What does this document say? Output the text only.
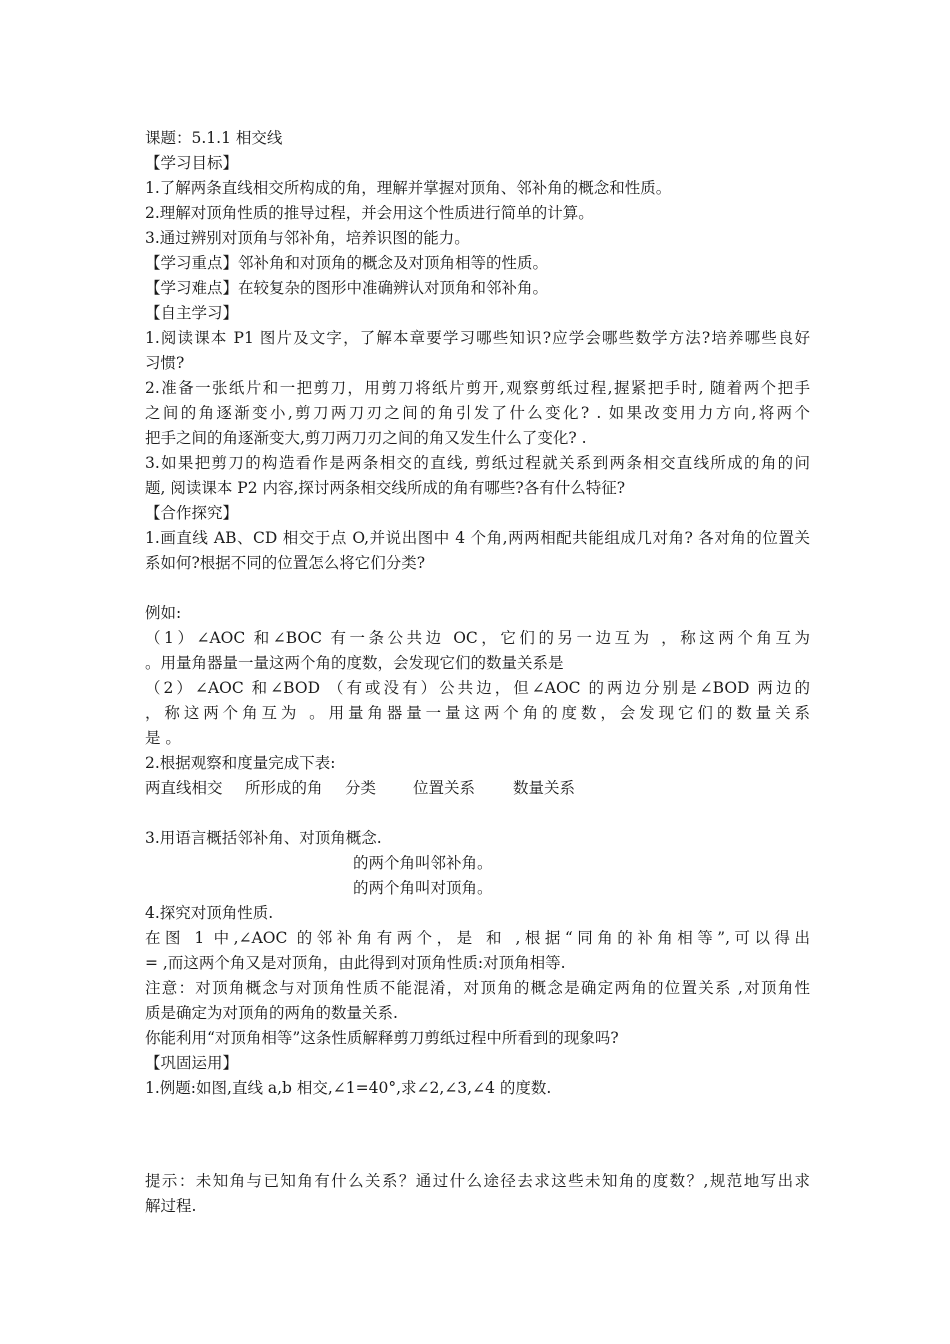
课题：5.1.1 相交线
【学习目标】
1.了解两条直线相交所构成的角，理解并掌握对顶角、邻补角的概念和性质。
2.理解对顶角性质的推导过程，并会用这个性质进行简单的计算。
3.通过辨别对顶角与邻补角，培养识图的能力。
【学习重点】邻补角和对顶角的概念及对顶角相等的性质。
【学习难点】在较复杂的图形中准确辨认对顶角和邻补角。
【自主学习】
1.阅读课本 P1 图片及文字，了解本章要学习哪些知识?应学会哪些数学方法?培养哪些良好
习惯?
2.准备一张纸片和一把剪刀，用剪刀将纸片剪开,观察剪纸过程,握紧把手时, 随着两个把手
之间的角逐渐变小,剪刀两刀刃之间的角引发了什么变化? . 如果改变用力方向,将两个
把手之间的角逐渐变大,剪刀两刀刃之间的角又发生什么了变化? .
3.如果把剪刀的构造看作是两条相交的直线, 剪纸过程就关系到两条相交直线所成的角的问
题, 阅读课本 P2 内容,探讨两条相交线所成的角有哪些?各有什么特征?
【合作探究】
1.画直线 AB、CD 相交于点 O,并说出图中 4 个角,两两相配共能组成几对角? 各对角的位置关
系如何?根据不同的位置怎么将它们分类?
例如:
（1）∠AOC 和∠BOC 有一条公共边 OC，它们的另一边互为 ，称这两个角互为
。用量角器量一量这两个角的度数，会发现它们的数量关系是
（2）∠AOC 和∠BOD （有或没有）公共边，但∠AOC 的两边分别是∠BOD 两边的
，称这两个角互为 。用量角器量一量这两个角的度数，会发现它们的数量关系
是 。
2.根据观察和度量完成下表:
两直线相交 所形成的角 分类 位置关系 数量关系
3.用语言概括邻补角、对顶角概念.
的两个角叫邻补角。
的两个角叫对顶角。
4.探究对顶角性质.
在图 1 中,∠AOC 的邻补角有两个，是 和 ,根据“同角的补角相等”,可以得出
= ,而这两个角又是对顶角，由此得到对顶角性质:对顶角相等.
注意：对顶角概念与对顶角性质不能混淆，对顶角的概念是确定两角的位置关系 ,对顶角性
质是确定为对顶角的两角的数量关系.
你能利用“对顶角相等”这条性质解释剪刀剪纸过程中所看到的现象吗?
【巩固运用】
1.例题:如图,直线 a,b 相交,∠1=40°,求∠2,∠3,∠4 的度数.
提示：未知角与已知角有什么关系？通过什么途径去求这些未知角的度数？,规范地写出求
解过程.
